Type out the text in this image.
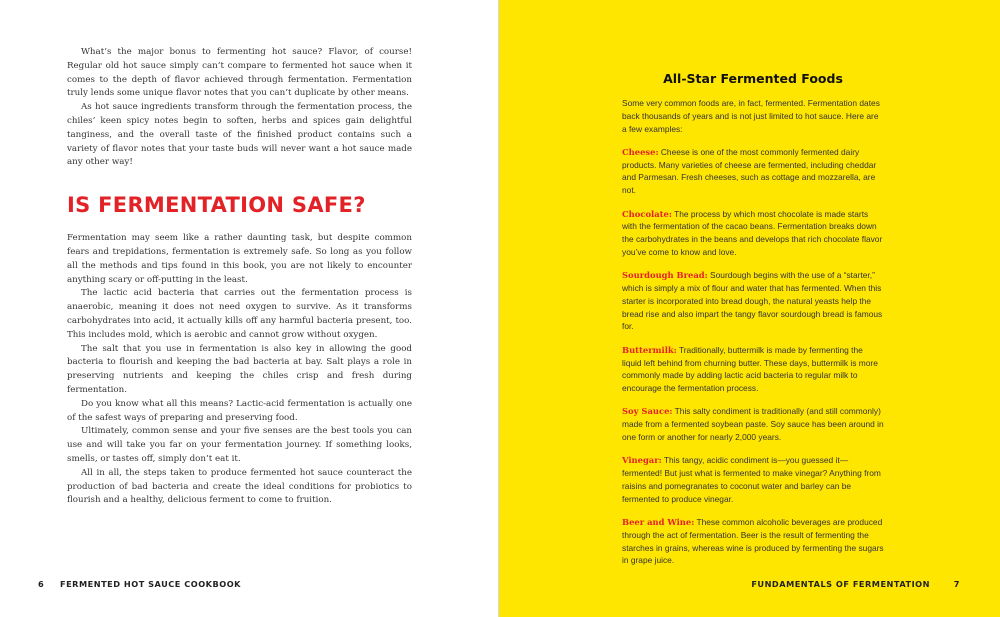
What’s the major bonus to fermenting hot sauce? Flavor, of course! Regular old hot sauce simply can’t compare to fermented hot sauce when it comes to the depth of flavor achieved through fermentation. Fermentation truly lends some unique flavor notes that you can’t duplicate by other means.

As hot sauce ingredients transform through the fermentation process, the chiles’ keen spicy notes begin to soften, herbs and spices gain delightful tanginess, and the overall taste of the finished product contains such a variety of flavor notes that your taste buds will never want a hot sauce made any other way!

IS FERMENTATION SAFE?

Fermentation may seem like a rather daunting task, but despite common fears and trepidations, fermentation is extremely safe. So long as you follow all the methods and tips found in this book, you are not likely to encounter anything scary or off-putting in the least.

The lactic acid bacteria that carries out the fermentation process is anaerobic, meaning it does not need oxygen to survive. As it transforms carbohydrates into acid, it actually kills off any harmful bacteria present, too. This includes mold, which is aerobic and cannot grow without oxygen.

The salt that you use in fermentation is also key in allowing the good bacteria to flourish and keeping the bad bacteria at bay. Salt plays a role in preserving nutrients and keeping the chiles crisp and fresh during fermentation.

Do you know what all this means? Lactic-acid fermentation is actually one of the safest ways of preparing and preserving food.

Ultimately, common sense and your five senses are the best tools you can use and will take you far on your fermentation journey. If something looks, smells, or tastes off, simply don’t eat it.

All in all, the steps taken to produce fermented hot sauce counteract the production of bad bacteria and create the ideal conditions for probiotics to flourish and a healthy, delicious ferment to come to fruition.

6 FERMENTED HOT SAUCE COOKBOOK
All-Star Fermented Foods

Some very common foods are, in fact, fermented. Fermentation dates back thousands of years and is not just limited to hot sauce. Here are a few examples:

Cheese: Cheese is one of the most commonly fermented dairy products. Many varieties of cheese are fermented, including cheddar and Parmesan. Fresh cheeses, such as cottage and mozzarella, are not.

Chocolate: The process by which most chocolate is made starts with the fermentation of the cacao beans. Fermentation breaks down the carbohydrates in the beans and develops that rich chocolate flavor you’ve come to know and love.

Sourdough Bread: Sourdough begins with the use of a “starter,” which is simply a mix of flour and water that has fermented. When this starter is incorporated into bread dough, the natural yeasts help the bread rise and also impart the tangy flavor sourdough bread is famous for.

Buttermilk: Traditionally, buttermilk is made by fermenting the liquid left behind from churning butter. These days, buttermilk is more commonly made by adding lactic acid bacteria to regular milk to encourage the fermentation process.

Soy Sauce: This salty condiment is traditionally (and still commonly) made from a fermented soybean paste. Soy sauce has been around in one form or another for nearly 2,000 years.

Vinegar: This tangy, acidic condiment is—you guessed it—fermented! But just what is fermented to make vinegar? Anything from raisins and pomegranates to coconut water and barley can be fermented to produce vinegar.

Beer and Wine: These common alcoholic beverages are produced through the act of fermentation. Beer is the result of fermenting the starches in grains, whereas wine is produced by fermenting the sugars in grape juice.

FUNDAMENTALS OF FERMENTATION	7
